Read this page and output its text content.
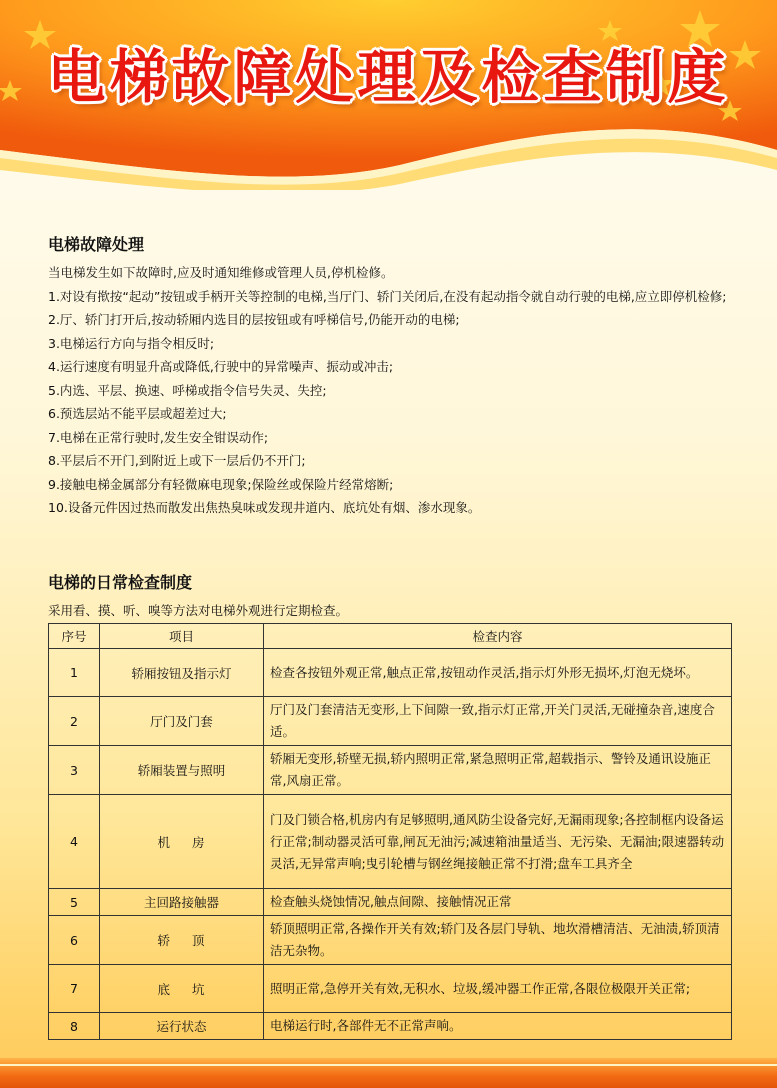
电梯故障处理及检查制度
电梯故障处理
当电梯发生如下故障时,应及时通知维修或管理人员,停机检修。
1.对设有揿按“起动”按钮或手柄开关等控制的电梯,当厅门、轿门关闭后,在没有起动指令就自动行驶的电梯,应立即停机检修;
2.厅、轿门打开后,按动轿厢内选目的层按钮或有呼梯信号,仍能开动的电梯;
3.电梯运行方向与指令相反时;
4.运行速度有明显升高或降低,行驶中的异常噪声、振动或冲击;
5.内选、平层、换速、呼梯或指令信号失灵、失控;
6.预选层站不能平层或超差过大;
7.电梯在正常行驶时,发生安全钳误动作;
8.平层后不开门,到附近上或下一层后仍不开门;
9.接触电梯金属部分有轻微麻电现象;保险丝或保险片经常熔断;
10.设备元件因过热而散发出焦热臭味或发现井道内、底坑处有烟、渗水现象。
电梯的日常检查制度
采用看、摸、听、嗅等方法对电梯外观进行定期检查。
序号	项目	检查内容
1	轿厢按钮及指示灯	检查各按钮外观正常,触点正常,按钮动作灵活,指示灯外形无损坏,灯泡无烧坏。
2	厅门及门套	厅门及门套清洁无变形,上下间隙一致,指示灯正常,开关门灵活,无碰撞杂音,速度合适。
3	轿厢装置与照明	轿厢无变形,轿壁无损,轿内照明正常,紧急照明正常,超载指示、警铃及通讯设施正常,风扇正常。
4	机房	门及门锁合格,机房内有足够照明,通风防尘设备完好,无漏雨现象;各控制框内设备运行正常;制动器灵活可靠,闸瓦无油污;减速箱油量适当、无污染、无漏油;限速器转动灵活,无异常声响;曳引轮槽与钢丝绳接触正常不打滑;盘车工具齐全
5	主回路接触器	检查触头烧蚀情况,触点间隙、接触情况正常
6	轿顶	轿顶照明正常,各操作开关有效;轿门及各层门导轨、地坎滑槽清洁、无油渍,轿顶清洁无杂物。
7	底坑	照明正常,急停开关有效,无积水、垃圾,缓冲器工作正常,各限位极限开关正常;
8	运行状态	电梯运行时,各部件无不正常声响。
